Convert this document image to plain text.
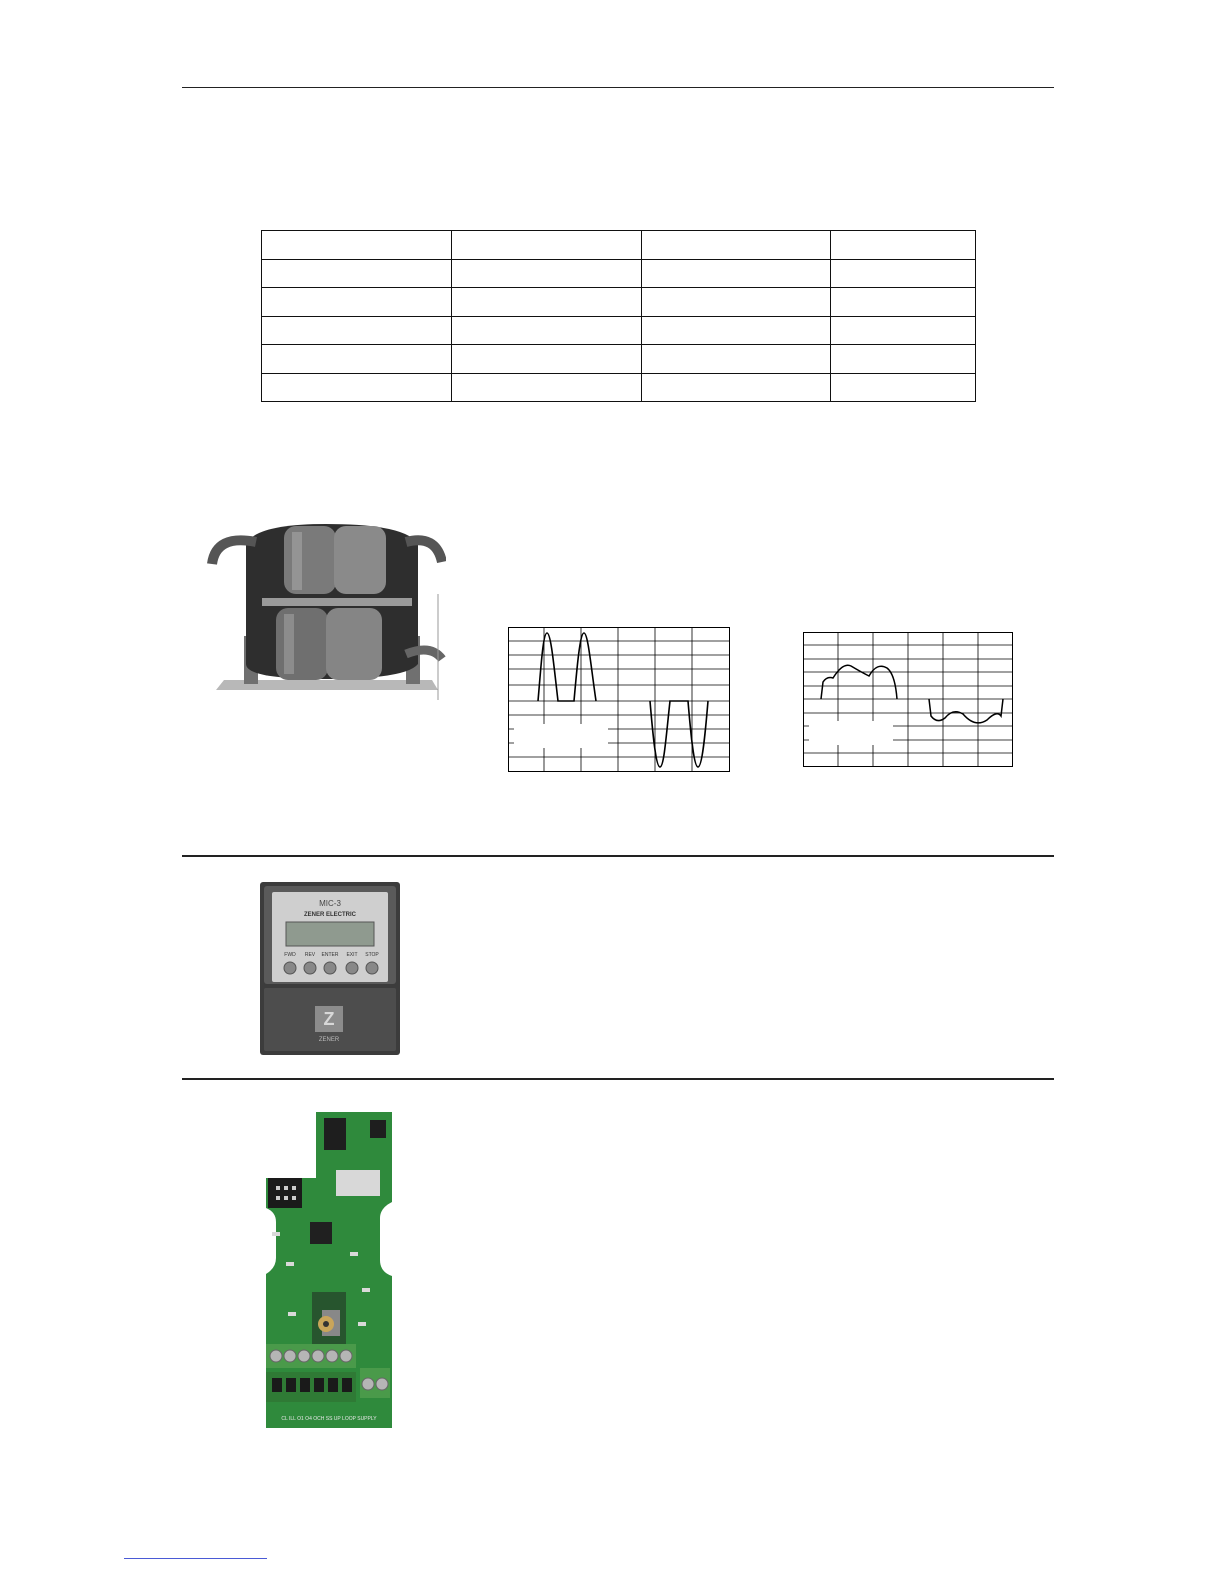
MIC-3
ZENER ELECTRIC
FWD REV ENTER EXIT STOP
Z
ZENER
CL ILL O1 O4 OCH SS UP LOOP SUPPLY
